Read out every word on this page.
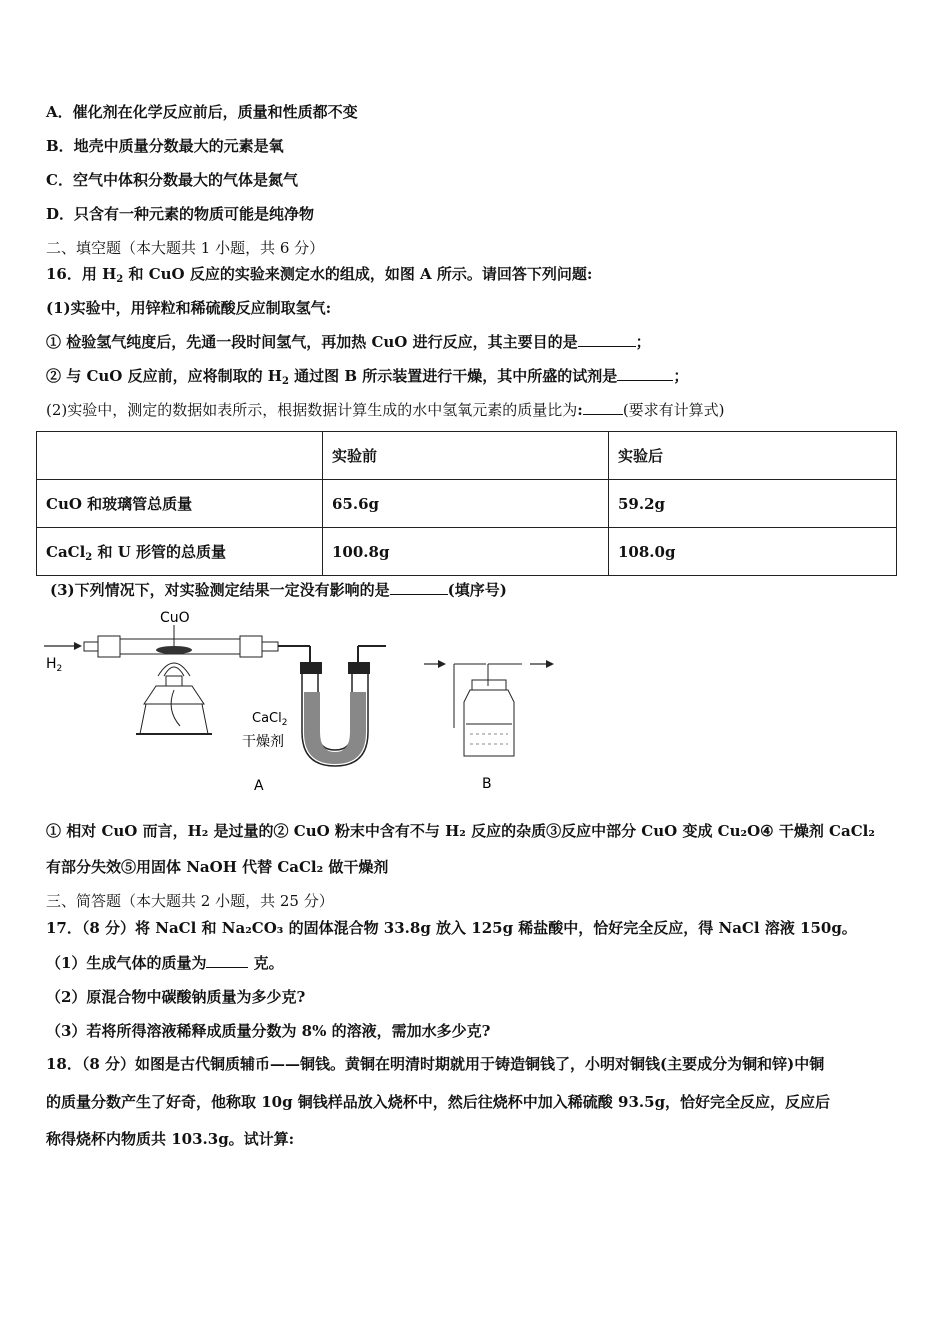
A．催化剂在化学反应前后，质量和性质都不变
B．地壳中质量分数最大的元素是氧
C．空气中体积分数最大的气体是氮气
D．只含有一种元素的物质可能是纯净物
二、填空题（本大题共 1 小题，共 6 分）
16．用 $H_2$ 和 CuO 反应的实验来测定水的组成，如图 A 所示。请回答下列问题:
(1)实验中，用锌粒和稀硫酸反应制取氢气:
① 检验氢气纯度后，先通一段时间氢气，再加热 CuO 进行反应，其主要目的是	；
② 与 CuO 反应前，应将制取的 $H_2$ 通过图 B 所示装置进行干燥，其中所盛的试剂是	；
(2)实验中，测定的数据如表所示，根据数据计算生成的水中氢氧元素的质量比为:	(要求有计算式)
	实验前	实验后
CuO 和玻璃管总质量	65.6g	59.2g
CaCl$_2$ 和 U 形管的总质量	100.8g	108.0g
(3)下列情况下，对实验测定结果一定没有影响的是	(填序号)
$H_2$
CuO
A
CaCl$_2$
干燥剂
B
① 相对 CuO 而言，H₂ 是过量的② CuO 粉末中含有不与 H₂ 反应的杂质③反应中部分 CuO 变成 Cu₂O④ 干燥剂 CaCl₂
有部分失效⑤用固体 NaOH 代替 CaCl₂ 做干燥剂
三、简答题（本大题共 2 小题，共 25 分）
17．（8 分）将 NaCl 和 Na₂CO₃ 的固体混合物 33.8g 放入 125g 稀盐酸中，恰好完全反应，得 NaCl 溶液 150g。
（1）生成气体的质量为	克。
（2）原混合物中碳酸钠质量为多少克?
（3）若将所得溶液稀释成质量分数为 8% 的溶液，需加水多少克?
18．（8 分）如图是古代铜质辅币——铜钱。黄铜在明清时期就用于铸造铜钱了，小明对铜钱(主要成分为铜和锌)中铜
的质量分数产生了好奇，他称取 10g 铜钱样品放入烧杯中，然后往烧杯中加入稀硫酸 93.5g，恰好完全反应，反应后
称得烧杯内物质共 103.3g。试计算:
